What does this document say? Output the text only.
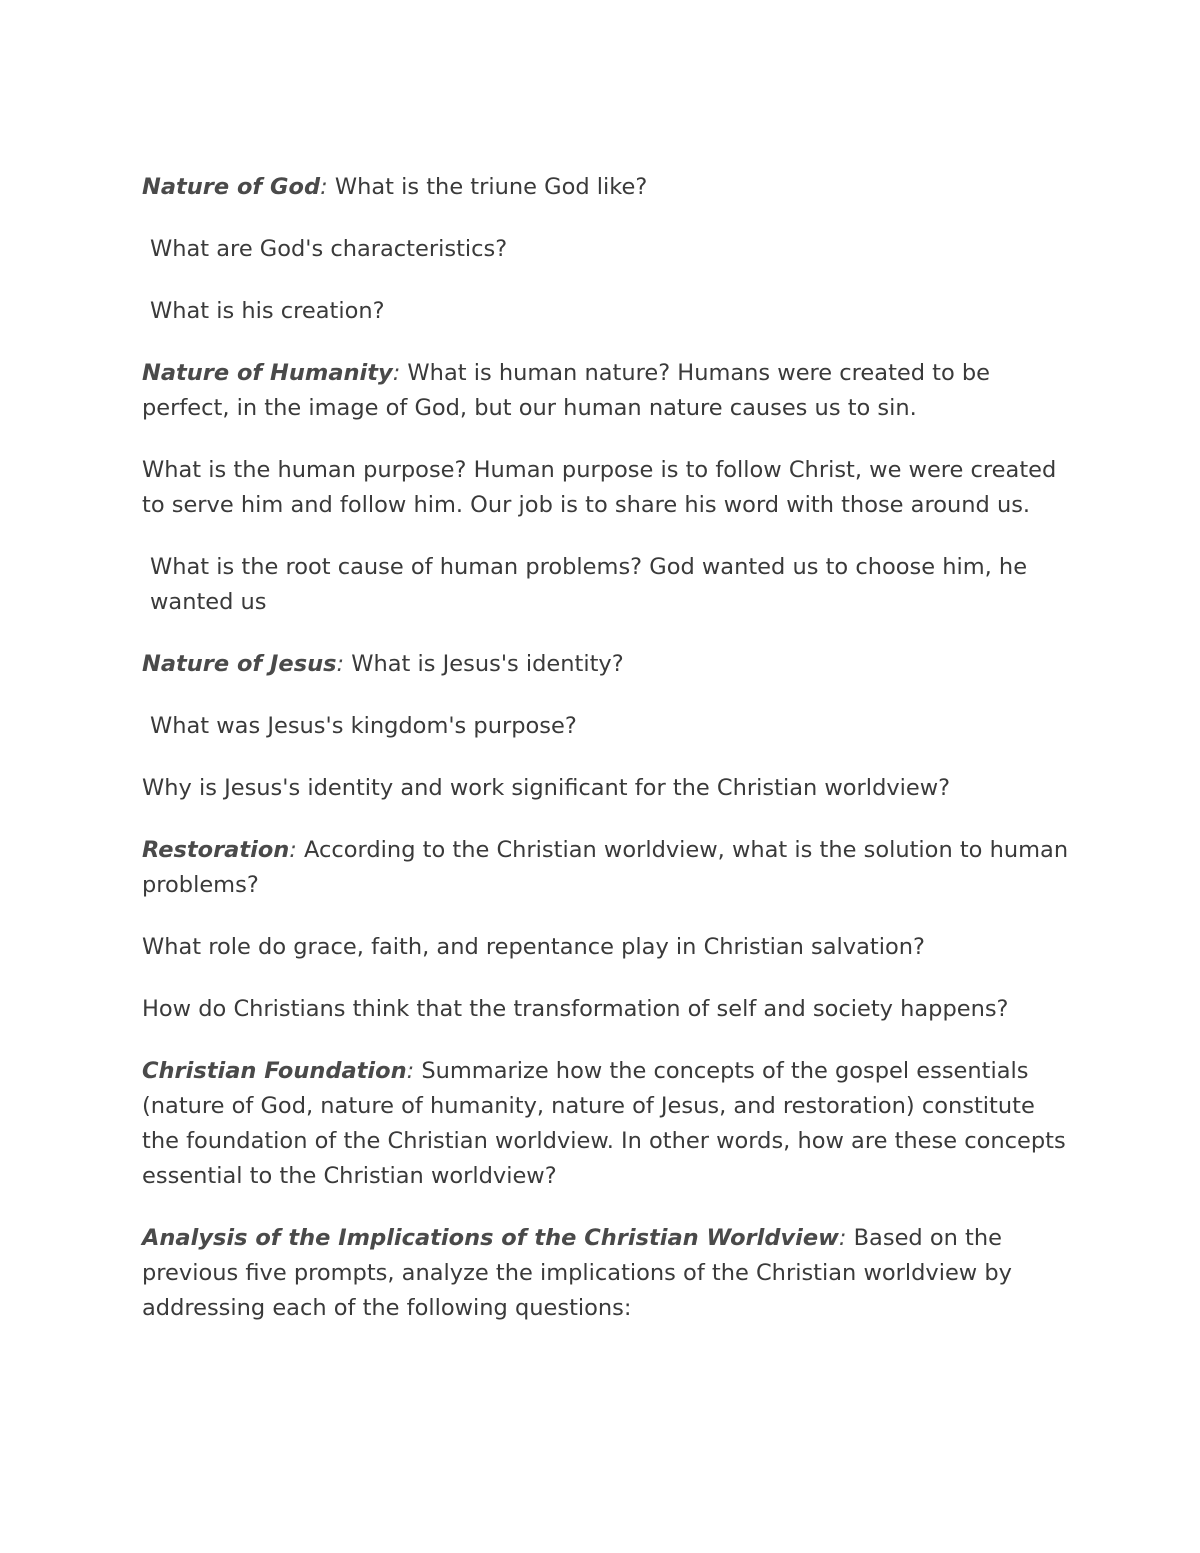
Nature of God: What is the triune God like?

What are God's characteristics?

What is his creation?

Nature of Humanity: What is human nature? Humans were created to be perfect, in the image of God, but our human nature causes us to sin.

What is the human purpose? Human purpose is to follow Christ, we were created to serve him and follow him. Our job is to share his word with those around us.

What is the root cause of human problems? God wanted us to choose him, he wanted us

Nature of Jesus: What is Jesus's identity?

What was Jesus's kingdom's purpose?

Why is Jesus's identity and work significant for the Christian worldview?

Restoration: According to the Christian worldview, what is the solution to human problems?

What role do grace, faith, and repentance play in Christian salvation?

How do Christians think that the transformation of self and society happens?

Christian Foundation: Summarize how the concepts of the gospel essentials (nature of God, nature of humanity, nature of Jesus, and restoration) constitute the foundation of the Christian worldview. In other words, how are these concepts essential to the Christian worldview?

Analysis of the Implications of the Christian Worldview: Based on the previous five prompts, analyze the implications of the Christian worldview by addressing each of the following questions:
